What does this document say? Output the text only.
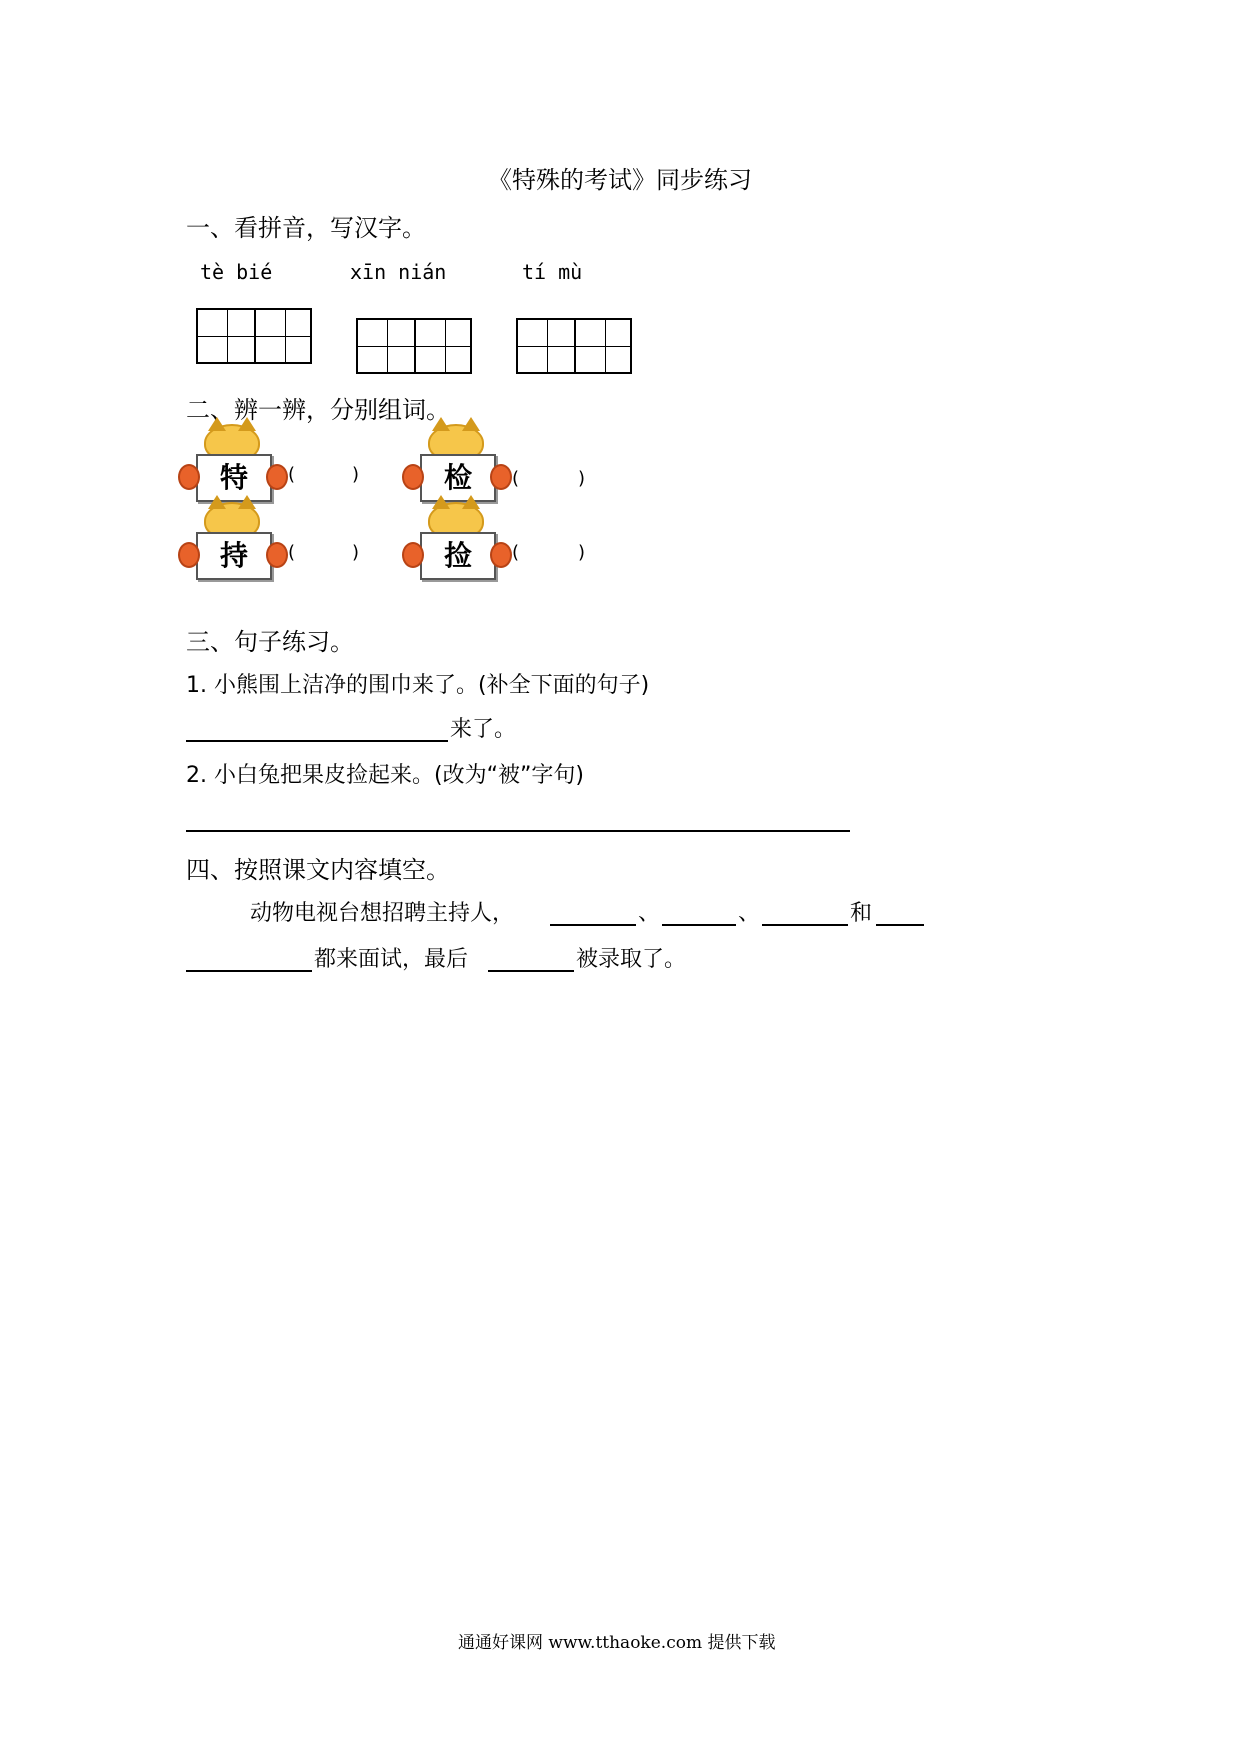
《特殊的考试》同步练习
一、看拼音，写汉字。
tè bié	xīn nián	tí mù
二、辨一辨，分别组词。
特	(	)	检	(	)
持	(	)	捡	(	)
三、句子练习。
1. 小熊围上洁净的围巾来了。(补全下面的句子)
来了。
2. 小白兔把果皮捡起来。(改为“被”字句)
四、按照课文内容填空。
动物电视台想招聘主持人，	、	、	和
都来面试，最后	被录取了。
通通好课网 www.tthaoke.com 提供下载
